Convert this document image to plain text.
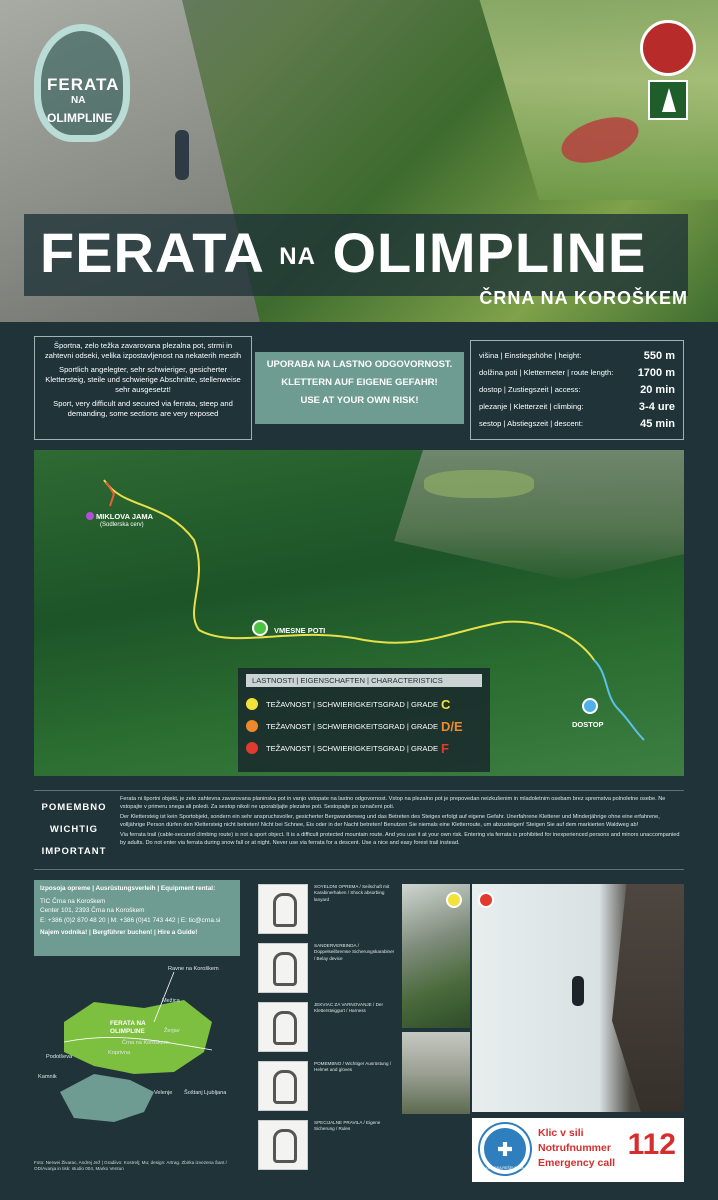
FERATA
NA
OLIMPLINE
FERATA NA OLIMPLINE
ČRNA NA KOROŠKEM

Športna, zelo težka zavarovana plezalna pot, strmi in zahtevni odseki, velika izpostavljenost na nekaterih mestih

Sportlich angelegter, sehr schwieriger, gesicherter Klettersteig, steile und schwierige Abschnitte, stellenweise sehr ausgesetzt!

Sport, very difficult and secured via ferrata, steep and demanding, some sections are very exposed

UPORABA NA LASTNO ODGOVORNOST.
KLETTERN AUF EIGENE GEFAHR!
USE AT YOUR OWN RISK!
višina | Einstiegshöhe | height:	550 m
dolžina poti | Klettermeter | route length: 1700 m
dostop | Zustiegszeit | access:	20 min
plezanje | Kletterzeit | climbing:	3-4 ure
sestop | Abstiegszeit | descent:	45 min
MIKLOVA JAMA
(Sodlerska cerv)
VMESNE POTI
DOSTOP
LASTNOSTI | EIGENSCHAFTEN | CHARACTERISTICS
TEŽAVNOST | SCHWIERIGKEITSGRAD | GRADE C
TEŽAVNOST | SCHWIERIGKEITSGRAD | GRADE D/E
TEŽAVNOST | SCHWIERIGKEITSGRAD | GRADE F
POMEMBNO
WICHTIG
IMPORTANT

Ferata ni športni objekt, je zelo zahtevna zavarovana planinska pot in vanjo vstopate na lastno odgovornost. Vstop na plezalno pot je prepovedan neizkušenim in mladoletnim osebam brez spremstva polnoletne osebe. Ne vstopajte v primeru snega ali poledi. Za sestop nikoli ne uporabljajte plezalne poti. Sestopajte po označeni poti.

Der Klettersteig ist kein Sportobjekt, sondern ein sehr anspruchsvoller, gesicherter Bergwanderweg und das Betreten des Steiges erfolgt auf eigene Gefahr. Unerfahrene Kletterer und Minderjährige ohne eine erfahrene, volljährige Person dürfen den Klettersteig nicht betreten! Nicht bei Schnee, Eis oder in der Nacht betreten! Benutzen Sie niemals eine Kletterroute, um abzusteigen! Steigen Sie auf dem markierten Waldweg ab!

Via ferrata trail (cable-secured climbing route) is not a sport object. It is a difficult protected mountain route. And you use it at your own risk. Entering via ferrata is prohibited for inexperienced persons and minors unaccompanied by adults. Do not enter via ferrata during snow fall or at night. Never use via ferrata for a descent. Use a nice and easy forest trail instead.

Izposoja opreme | Ausrüstungsverleih | Equipment rental:
TIC Črna na Koroškem
Center 101, 2393 Črna na Koroškem
E: +386 (0)2 870 48 20 | M: +386 (0)41 743 442 | E: tic@crna.si
Najem vodnika! | Bergführer buchen! | Hire a Guide!
Ravne na Koroškem
Mežica
Žerjav
Črna na Koroškem
Koprivna
Podolševa
Kamnik
Velenje Šoštanj Ljubljana
FERATA NA
OLIMPLINE
Foto: Nerwei Živarac, Andrej Jež | Gradiivo: Kostrelj; Mu; design: Artrag. Zbirka izvezena Šant / OD/Avanja in tisk: studio 004, Marko Ventun
SOYELDNI OPREMA / Seilschaft mit Karabinerhaken / Shock absorbing lanyard
SANDERVERBINDA / Doppelseilbremse Sicherungskarabiner / Belay device
JEKVIAC ZA VARNOVANJE / Der Klettersteiggurt / Harness
POMEMBNO / Wichtiger Ausrüstung / Helmet and gloves
SPECIJALNE PRAVILA / Eigene Sicherung / Rules
GORSKA REŠEVALNA SLUŽBA
Klic v sili
Notrufnummer
Emergency call
112
